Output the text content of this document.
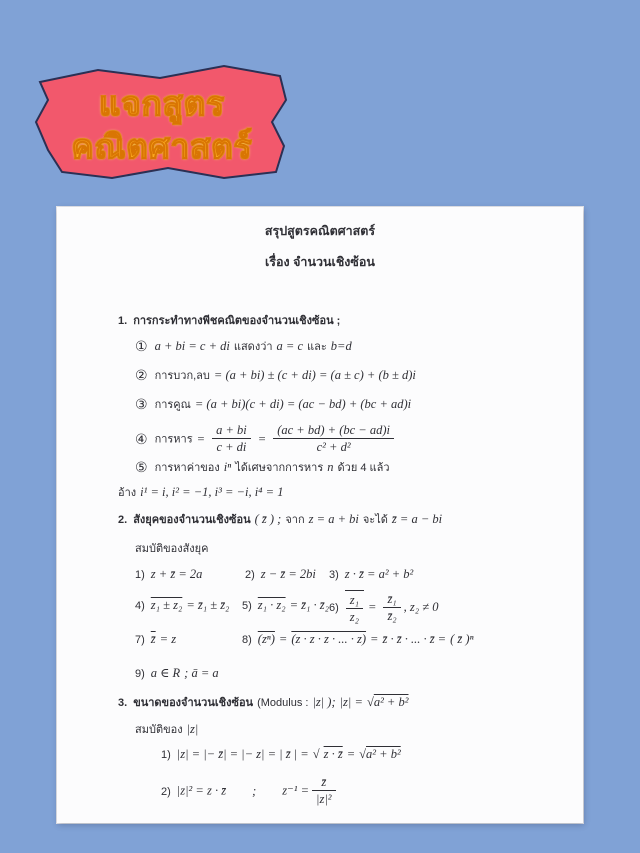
แจกสูตร
คณิตศาสตร์
สรุปสูตรคณิตศาสตร์
เรื่อง จำนวนเชิงซ้อน
1. การกระทำทางพีชคณิตของจำนวนเชิงซ้อน ;
① a + bi = c + di แสดงว่า a = c และ b=d
② การบวก,ลบ = (a + bi) ± (c + di) = (a ± c) + (b ± d)i
③ การคูณ = (a + bi)(c + di) = (ac − bd) + (bc + ad)i
④ การหาร = $\frac{a + bi}{c + di} = \frac{(ac + bd) + (bc - ad)i}{\text{c² + d²}}$
⑤ การหาค่าของ iⁿ ได้เศษจากการหาร n ด้วย 4 แล้ว
อ้าง i¹ = i, i² = −1, i³ = −i, i⁴ = 1
2. สังยุคของจำนวนเชิงซ้อน ( z̄ ) ; จาก z = a + bi จะได้ z̄ = a − bi
สมบัติของสังยุค
1) z + z̄ = 2a	2) z − z̄ = 2bi 3) z · z̄ = a² + b²
4) z₁ ± z₂ = z̄₁ ± z̄₂	5) z₁ · z₂ = z̄₁ · z̄₂ $6) \frac{\text{z₁}}{\text{z₂}} = \frac{\text{z̄₁}}{\text{z̄₂}}$ , z₂ ≠ 0
7) z̄ = z	8) (zⁿ) = (z · z · z · ... · z) = z̄ · z̄ · ... · z̄ = ( z̄ )ⁿ
9) a ∈ R ; ā = a
3. ขนาดของจำนวนเชิงซ้อน (Modulus : |z| ); |z| = √a² + b²
สมบัติของ |z|
1) |z| = |− z̄| = |− z| = | z̄ | = √ z · z̄ = √a² + b²
2) |z|² = z · z̄ ; $z^{-1} = \frac{z̄}{\text{|z|²}}$
